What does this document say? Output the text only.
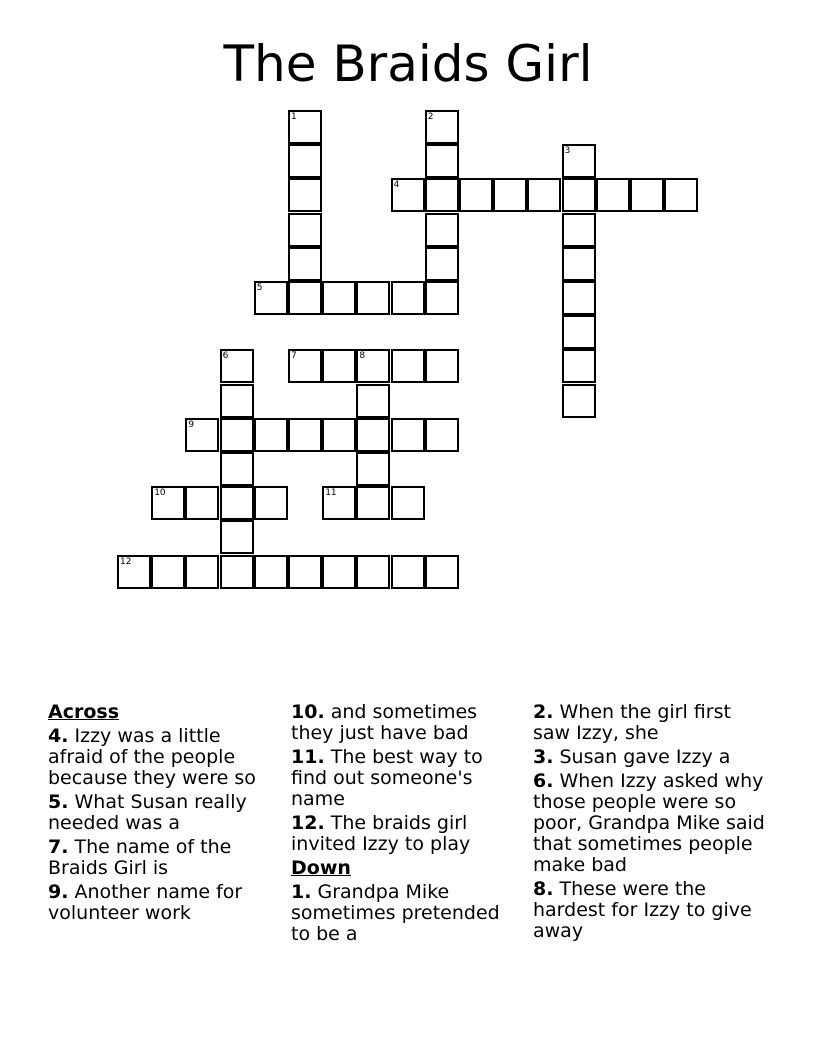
The Braids Girl
1	2
3
4
5
6	7	8
9
10	11
12
Across
4. Izzy was a little afraid of the people because they were so
5. What Susan really needed was a
7. The name of the Braids Girl is
9. Another name for volunteer work
10. and sometimes they just have bad
11. The best way to find out someone's name
12. The braids girl invited Izzy to play
Down
1. Grandpa Mike sometimes pretended to be a
2. When the girl first saw Izzy, she
3. Susan gave Izzy a
6. When Izzy asked why those people were so poor, Grandpa Mike said that sometimes people make bad
8. These were the hardest for Izzy to give away
